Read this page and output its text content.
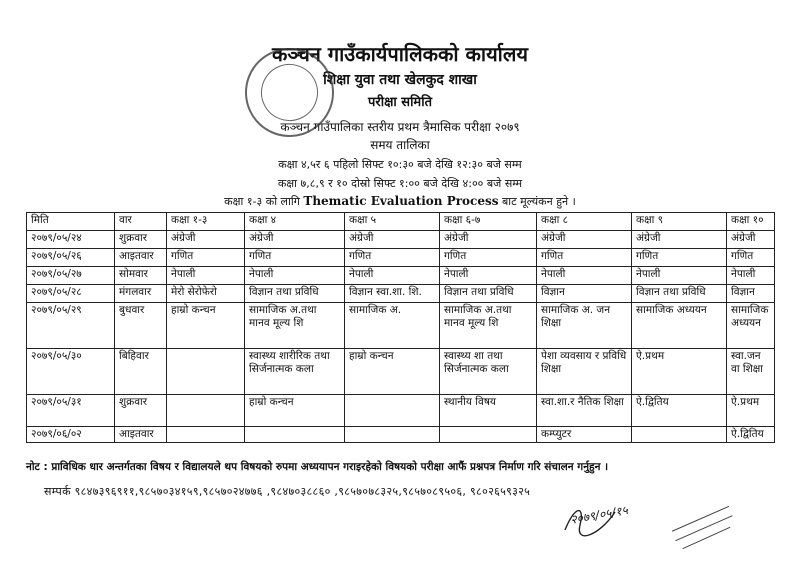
कञ्चन गाउँकार्यपालिकको कार्यालय
शिक्षा युवा तथा खेलकुद शाखा
परीक्षा समिति
कञ्चन गाउँपालिका स्तरीय प्रथम त्रैमासिक परीक्षा २०७९
समय तालिका
कक्षा ४,५र ६ पहिलो सिफ्ट १०:३० बजे देखि १२:३० बजे सम्म
कक्षा ७,८,९ र १० दोस्रो सिफ्ट १:०० बजे देखि ४:०० बजे सम्म
कक्षा १-३ को लागि Thematic Evaluation Process बाट मूल्यंकन हुने ।
मिति	वार	कक्षा १-३	कक्षा ४	कक्षा ५	कक्षा ६-७	कक्षा ८	कक्षा ९	कक्षा १०
२०७९/०५/२४	शुक्रवार	अंग्रेजी	अंग्रेजी	अंग्रेजी	अंग्रेजी	अंग्रेजी	अंग्रेजी	अंग्रेजी
२०७९/०५/२६	आइतवार	गणित	गणित	गणित	गणित	गणित	गणित	गणित
२०७९/०५/२७	सोमवार	नेपाली	नेपाली	नेपाली	नेपाली	नेपाली	नेपाली	नेपाली
२०७९/०५/२८	मंगलवार	मेरो सेरोफेरो	विज्ञान तथा प्रविधि	विज्ञान स्वा.शा. शि.	विज्ञान तथा प्रविधि	विज्ञान	विज्ञान तथा प्रविधि	विज्ञान
२०७९/०५/२९	बुधवार	हाम्रो कन्चन	सामाजिक अ.तथा मानव मूल्य शि	सामाजिक अ.	सामाजिक अ.तथा मानव मूल्य शि	सामाजिक अ. जन शिक्षा	सामाजिक अध्ययन	सामाजिक अध्ययन
२०७९/०५/३०	बिहिवार		स्वास्थ्य शारीरिक तथा सिर्जनात्मक कला	हाम्रो कन्चन	स्वास्थ्य शा तथा सिर्जनात्मक कला	पेशा व्यवसाय र प्रविधि शिक्षा	ऐ.प्रथम	स्वा.जन वा शिक्षा
२०७९/०५/३१	शुक्रवार		हाम्रो कन्चन		स्थानीय विषय	स्वा.शा.र नैतिक शिक्षा	ऐ.द्वितिय	ऐ.प्रथम
२०७९/०६/०२	आइतवार					कम्प्युटर		ऐ.द्वितिय
नोट : प्राविधिक धार अन्तर्गतका विषय र विद्यालयले थप विषयको रुपमा अध्ययापन गराइरहेको विषयको परीक्षा आफैं प्रश्नपत्र निर्माण गरि संचालन गर्नुहुन ।
सम्पर्क ९८४७३९६९११,९८५७०३४१५९,९८५७०२४७७६ ,९८४७०३८८६० ,९८५७०७८३२५,९८५७०८९५०६, ९८०२६५९३२५
२०७९/०५/१५
